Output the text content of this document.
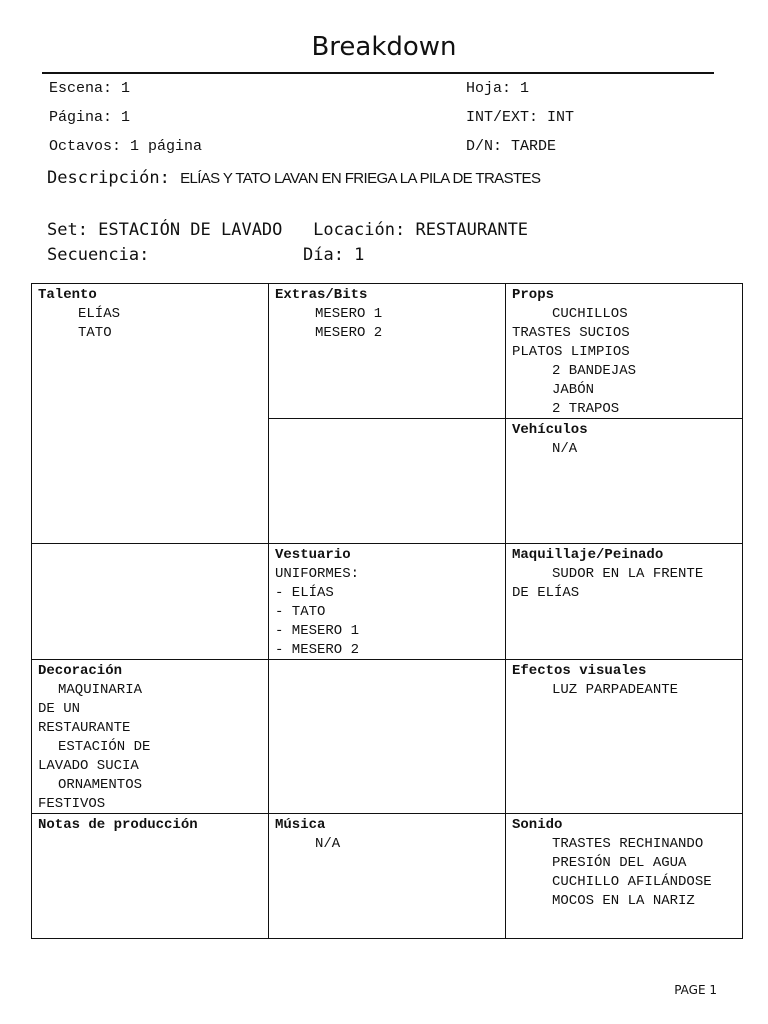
Breakdown
Escena: 1	Hoja: 1
Página: 1	INT/EXT: INT
Octavos: 1 página	D/N: TARDE
Descripción: ELÍAS Y TATO LAVAN EN FRIEGA LA PILA DE TRASTES
Set: ESTACIÓN DE LAVADO   Locación: RESTAURANTE
Secuencia:	Día: 1
Talento
ELÍAS
TATO
Decoración
MAQUINARIA
DE UN
RESTAURANTE
ESTACIÓN DE
LAVADO SUCIA
ORNAMENTOS
FESTIVOS
Notas de producción
Extras/Bits
MESERO 1
MESERO 2
Vestuario
UNIFORMES:
- ELÍAS
- TATO
- MESERO 1
- MESERO 2
Música
N/A
Props
CUCHILLOS
TRASTES SUCIOS
PLATOS LIMPIOS
2 BANDEJAS
JABÓN
2 TRAPOS
Vehículos
N/A
Maquillaje/Peinado
SUDOR EN LA FRENTE
DE ELÍAS
Efectos visuales
LUZ PARPADEANTE
Sonido
TRASTES RECHINANDO
PRESIÓN DEL AGUA
CUCHILLO AFILÁNDOSE
MOCOS EN LA NARIZ
PAGE 1
